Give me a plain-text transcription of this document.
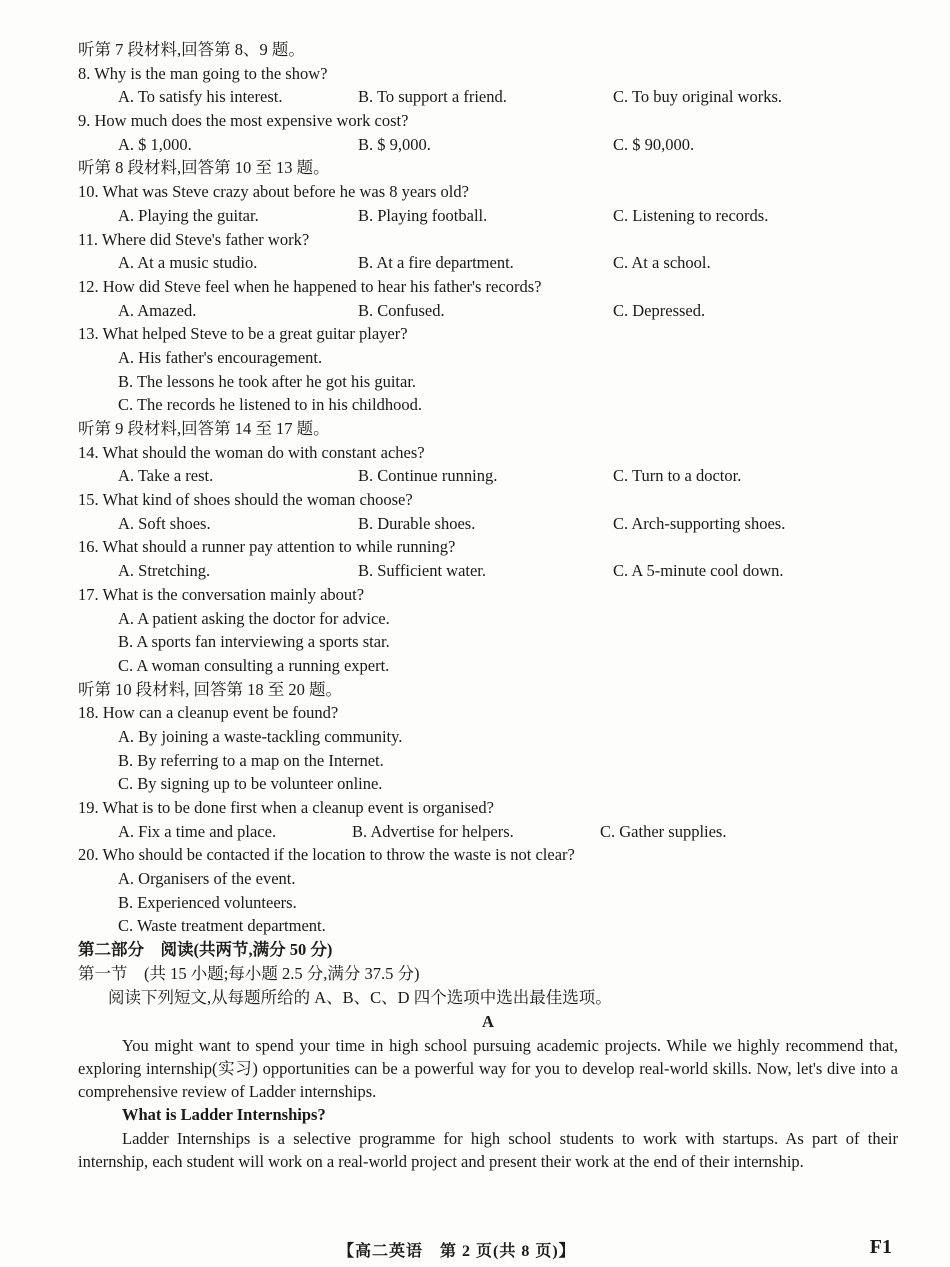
听第 7 段材料,回答第 8、9 题。
8. Why is the man going to the show?
A. To satisfy his interest.	B. To support a friend.	C. To buy original works.
9. How much does the most expensive work cost?
A. $ 1,000.	B. $ 9,000.	C. $ 90,000.
听第 8 段材料,回答第 10 至 13 题。
10. What was Steve crazy about before he was 8 years old?
A. Playing the guitar.	B. Playing football.	C. Listening to records.
11. Where did Steve's father work?
A. At a music studio.	B. At a fire department.	C. At a school.
12. How did Steve feel when he happened to hear his father's records?
A. Amazed.	B. Confused.	C. Depressed.
13. What helped Steve to be a great guitar player?
A. His father's encouragement.
B. The lessons he took after he got his guitar.
C. The records he listened to in his childhood.
听第 9 段材料,回答第 14 至 17 题。
14. What should the woman do with constant aches?
A. Take a rest.	B. Continue running.	C. Turn to a doctor.
15. What kind of shoes should the woman choose?
A. Soft shoes.	B. Durable shoes.	C. Arch-supporting shoes.
16. What should a runner pay attention to while running?
A. Stretching.	B. Sufficient water.	C. A 5-minute cool down.
17. What is the conversation mainly about?
A. A patient asking the doctor for advice.
B. A sports fan interviewing a sports star.
C. A woman consulting a running expert.
听第 10 段材料, 回答第 18 至 20 题。
18. How can a cleanup event be found?
A. By joining a waste-tackling community.
B. By referring to a map on the Internet.
C. By signing up to be volunteer online.
19. What is to be done first when a cleanup event is organised?
A. Fix a time and place.	B. Advertise for helpers.	C. Gather supplies.
20. Who should be contacted if the location to throw the waste is not clear?
A. Organisers of the event.
B. Experienced volunteers.
C. Waste treatment department.
第二部分　阅读(共两节,满分 50 分)
第一节　(共 15 小题;每小题 2.5 分,满分 37.5 分)
阅读下列短文,从每题所给的 A、B、C、D 四个选项中选出最佳选项。
A

You might want to spend your time in high school pursuing academic projects. While we highly recommend that, exploring internship(实习) opportunities can be a powerful way for you to develop real-world skills. Now, let's dive into a comprehensive review of Ladder internships.

What is Ladder Internships?

Ladder Internships is a selective programme for high school students to work with startups. As part of their internship, each student will work on a real-world project and present their work at the end of their internship.

【高二英语　第 2 页(共 8 页)】	F1
